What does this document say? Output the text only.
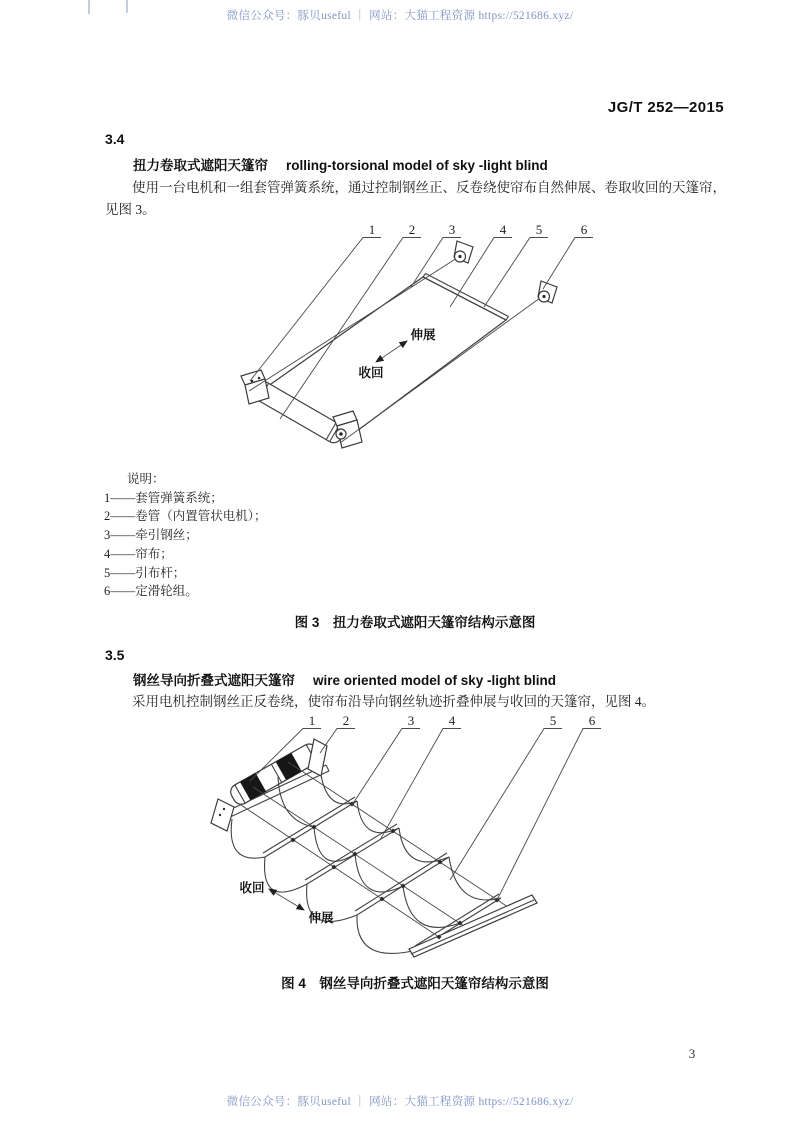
微信公众号：豚贝useful ｜ 网站：大猫工程资源 https://521686.xyz/
JG/T 252—2015
3.4
扭力卷取式遮阳天篷帘 rolling-torsional model of sky -light blind
使用一台电机和一组套管弹簧系统，通过控制钢丝正、反卷绕使帘布自然伸展、卷取收回的天篷帘，
见图 3。
1	2	3	4 5	6
伸展
收回
说明：
1——套管弹簧系统；
2——卷管（内置管状电机）；
3——牵引钢丝；
4——帘布；
5——引布杆；
6——定滑轮组。
图 3　扭力卷取式遮阳天篷帘结构示意图
3.5
钢丝导向折叠式遮阳天篷帘 wire oriented model of sky -light blind
采用电机控制钢丝正反卷绕，使帘布沿导向钢丝轨迹折叠伸展与收回的天篷帘，见图 4。
1 2	3	4	5	6
收回
伸展
图 4　钢丝导向折叠式遮阳天篷帘结构示意图
3
微信公众号：豚贝useful ｜ 网站：大猫工程资源 https://521686.xyz/
